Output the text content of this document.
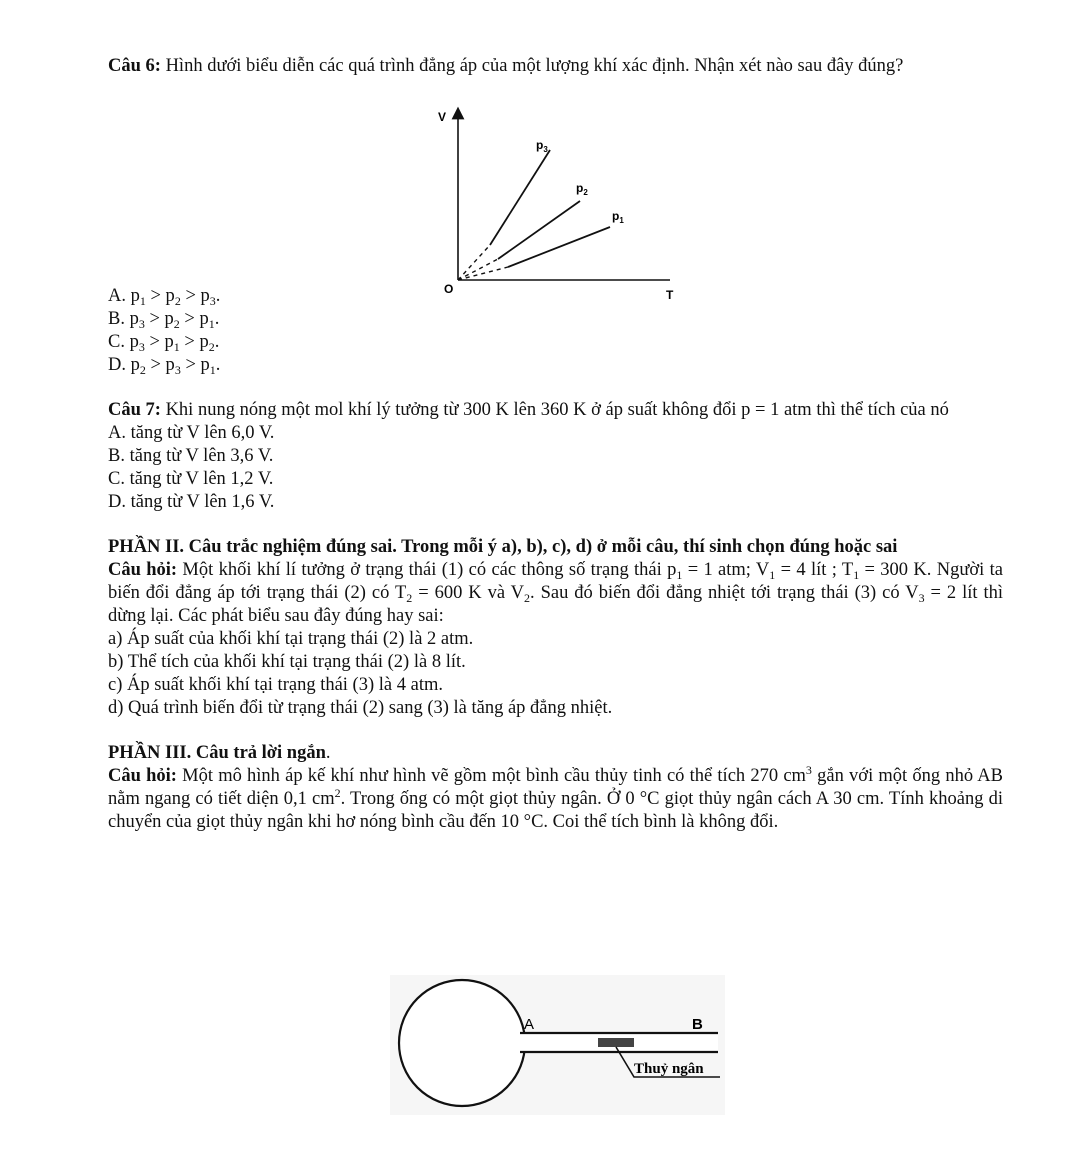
Câu 6: Hình dưới biểu diễn các quá trình đẳng áp của một lượng khí xác định. Nhận xét nào sau đây đúng?

A. $p_1 > p_2 > p_3$.

B. $p_3 > p_2 > p_1$.

C. $p_3 > p_1 > p_2$.

D. $p_2 > p_3 > p_1$.

Câu 7: Khi nung nóng một mol khí lý tưởng từ 300 K lên 360 K ở áp suất không đổi p = 1 atm thì thể tích của nó

A. tăng từ V lên 6,0 V.

B. tăng từ V lên 3,6 V.

C. tăng từ V lên 1,2 V.

D. tăng từ V lên 1,6 V.

PHẦN II. Câu trắc nghiệm đúng sai. Trong mỗi ý a), b), c), d) ở mỗi câu, thí sinh chọn đúng hoặc sai

Câu hỏi: Một khối khí lí tưởng ở trạng thái (1) có các thông số trạng thái $p_1 = 1$ atm; $V_1 = 4$ lít ; $T_1 = 300$ K. Người ta biến đổi đẳng áp tới trạng thái (2) có $T_2 = 600$ K và $V_2$. Sau đó biến đổi đẳng nhiệt tới trạng thái (3) có $V_3 = 2$ lít thì dừng lại. Các phát biểu sau đây đúng hay sai:

a) Áp suất của khối khí tại trạng thái (2) là 2 atm.

b) Thể tích của khối khí tại trạng thái (2) là 8 lít.

c) Áp suất khối khí tại trạng thái (3) là 4 atm.

d) Quá trình biến đổi từ trạng thái (2) sang (3) là tăng áp đẳng nhiệt.

PHẦN III. Câu trả lời ngắn.

Câu hỏi: Một mô hình áp kế khí như hình vẽ gồm một bình cầu thủy tinh có thể tích 270 $cm^3$ gắn với một ống nhỏ AB nằm ngang có tiết diện 0,1 $cm^2$. Trong ống có một giọt thủy ngân. Ở 0 °C giọt thủy ngân cách A 30 cm. Tính khoảng di chuyển của giọt thủy ngân khi hơ nóng bình cầu đến 10 °C. Coi thể tích bình là không đổi.

V
T
O
$p_3$
$p_2$
$p_1$
A	B
Thuỷ ngân
